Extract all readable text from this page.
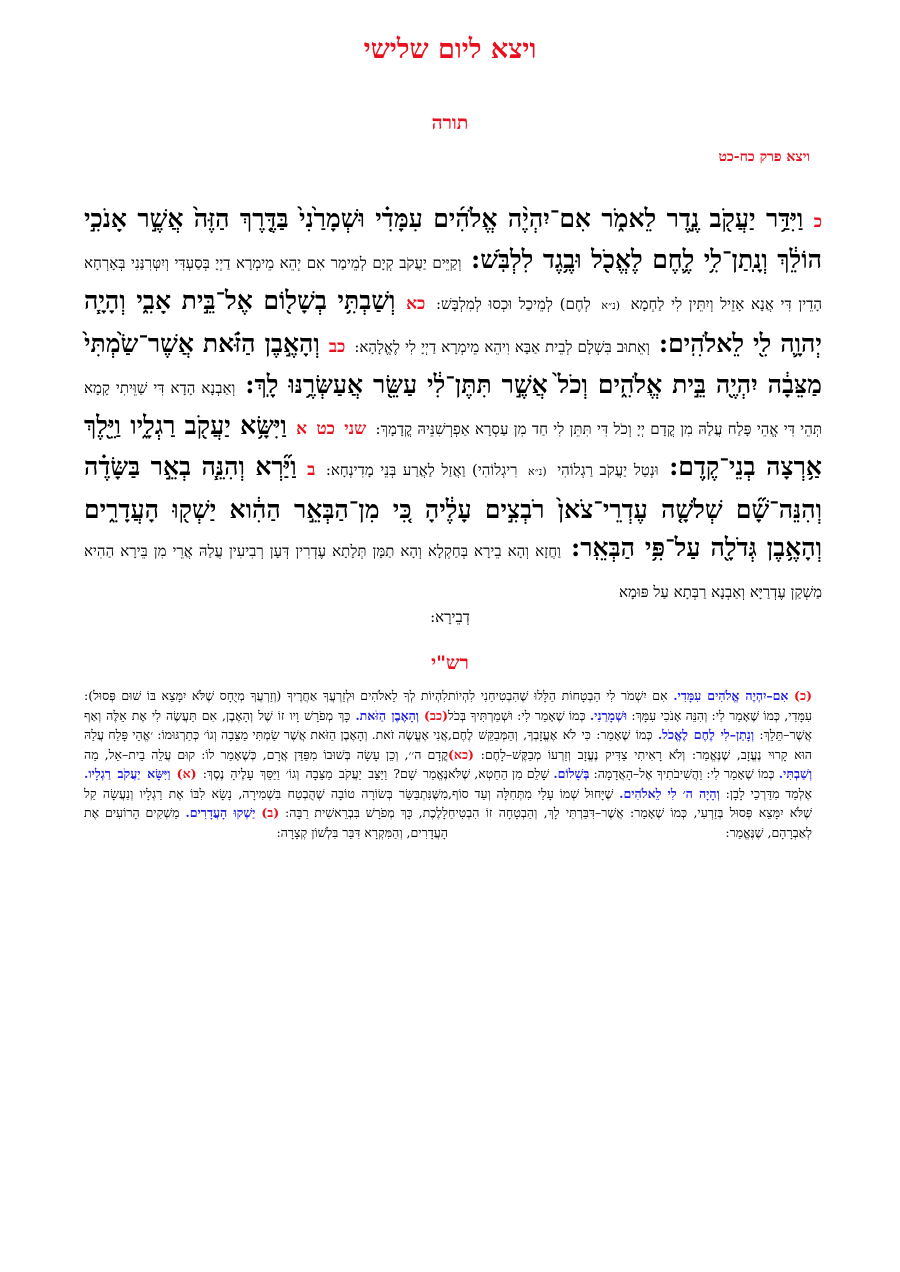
ויצא ליום שלישי
תורה
ויצא פרק כח-כט
כ וַיִּדַּ֥ר יַעֲקֹ֖ב נֶ֣דֶר לֵאמֹ֑ר אִם־יִהְיֶ֨ה אֱלֹהִ֜ים עִמָּדִ֗י וּשְׁמָרַ֙נִי֙ בַּדֶּ֤רֶךְ הַזֶּה֙ אֲשֶׁ֣ר אָנֹכִ֣י הוֹלֵ֔ךְ וְנָֽתַן־לִ֥י לֶ֛חֶם לֶאֱכֹ֖ל וּבֶ֥גֶד לִלְבֹּֽשׁ: וְקַיֵּים יַעֲקֹב קְיָם לְמֵימַר אִם יְהֵא מֵימְרָא דַיְיָ בְּסַעְדִּי וְיִטְּרִנַּנִי בְּאָרְחָא הָדֵין דִּי אֲנָא אָזֵיל וְיִתֵּין לִי לַחְמָא (נ״א לְחֶם) לְמֵיכַל וּכְסוּ לְמִלְבָּשׁ: כא וְשַׁבְתִּ֥י בְשָׁל֖וֹם אֶל־בֵּ֣ית אָבִ֑י וְהָיָ֧ה יְהוָ֛ה לִ֖י לֵאלֹהִֽים: וְאֵתוּב בִּשְׁלָם לְבֵית אַבָּא וִיהֵא מֵימְרָא דַיְיָ לִי לֶאֱלָהָא: כב וְהָאֶ֣בֶן הַזֹּ֗את אֲשֶׁר־שַׂ֙מְתִּי֙ מַצֵּבָ֔ה יִהְיֶ֖ה בֵּ֣ית אֱלֹהִ֑ים וְכֹל֙ אֲשֶׁ֣ר תִּתֶּן־לִ֔י עַשֵּׂ֖ר אֲעַשְּׂרֶ֥נּוּ לָֽךְ: וְאַבְנָא הָדָא דִּי שַׁוֵּיתִי קָמָא תְּהֵי דִּי אֱהֵי פָּלַח עֲלַהּ מִן קֳדָם יְיָ וְכֹל דִּי תִּתֵּן לִי חַד מִן עַסְרָא אַפְרְשִׁנֵּיהּ קֳדָמָךְ: שני כט א וַיִּשָּׂ֥א יַעֲקֹ֖ב רַגְלָ֑יו וַיֵּ֖לֶךְ אַ֥רְצָה בְנֵי־קֶֽדֶם: וּנְטַל יַעֲקֹב רַגְלוֹהִי (נ״א רִיגְלוֹהִי) וַאֲזַל לַאֲרַע בְּנֵי מָדִינְחָא: ב וַיַּ֞רְא וְהִנֵּ֧ה בְאֵ֣ר בַּשָּׂדֶ֗ה וְהִנֵּה־שָׁ֞ם שְׁלֹשָׁ֤ה עֶדְרֵי־צֹאן֙ רֹבְצִ֣ים עָלֶ֔יהָ כִּ֚י מִן־הַבְּאֵ֣ר הַהִ֔וא יַשְׁק֖וּ הָעֲדָרִ֑ים וְהָאֶ֥בֶן גְּדֹלָ֖ה עַל־פִּ֥י הַבְּאֵֽר: וַחֲזָא וְהָא בֵירָא בְּחַקְלָא וְהָא תַמָּן תְּלָתָא עֶדְרִין דְּעָן רְבִיעִין עֲלַהּ אֲרֵי מִן בֵּירָא הַהִיא מַשְׁקַן עֶדְרַיָּא וְאַבְנָא רַבְּתָא עַל פּוּמָא
דְבֵירָא:
רש"י
(כ) אִם–יִהְיֶה אֱלֹהִים עִמָּדִי. אִם יִשְׁמֹר לִי הַבְטָחוֹת הַלָּלוּ שֶׁהִבְטִיחַנִי לִהְיוֹת עִמָּדִי, כְּמוֹ שֶׁאָמַר לִי: וְהִנֵּה אָנֹכִי עִמָּךְ: וּשְׁמָרַנִי. כְּמוֹ שֶׁאָמַר לִי: וּשְׁמַרְתִּיךָ בְּכֹל אֲשֶׁר–תֵּלֵךְ: וְנָתַן–לִי לֶחֶם לֶאֱכֹל. כְּמוֹ שֶׁאָמַר: כִּי לֹא אֶעֱזָבְךָ, וְהַמְּבַקֵּשׁ לֶחֶם, הוּא קָרוּי נֶעֱזָב, שֶׁנֶּאֱמַר: וְלֹא רָאִיתִי צַדִּיק נֶעֱזָב וְזַרְעוֹ מְבַקֶּשׁ–לָחֶם: (כא) וְשַׁבְתִּי. כְּמוֹ שֶׁאָמַר לִי: וַהֲשִׁיבֹתִיךָ אֶל–הָאֲדָמָה: בְּשָׁלוֹם. שָׁלֵם מִן הַחֵטְא, שֶׁלֹּא אֶלְמַד מִדַּרְכֵי לָבָן: וְהָיָה ה׳ לִי לֵאלֹהִים. שֶׁיָּחוּל שְׁמוֹ עָלַי מִתְּחִלָּה וְעַד סוֹף, שֶׁלֹּא יִמָּצֵא פְּסוּל בְּזַרְעִי, כְּמוֹ שֶׁאָמַר: אֲשֶׁר–דִּבַּרְתִּי לָךְ, וְהַבְטָחָה זוֹ הִבְטִיחַ לְאַבְרָהָם, שֶׁנֶּאֱמַר:
לִהְיוֹת לְךָ לֵאלֹהִים וּלְזַרְעֲךָ אַחֲרֶיךָ (וְזַרְעֲךָ מְיֻחָס שֶׁלֹּא יִמָּצֵא בּוֹ שׁוּם פְּסוּל): (כב) וְהָאֶבֶן הַזֹּאת. כָּךְ מְפֹרָשׁ וָיו זוֹ שֶׁל וְהָאֶבֶן, אִם תַּעֲשֶׂה לִי אֶת אֵלֶּה וְאַף אֲנִי אֶעֱשֶׂה זֹאת. וְהָאֶבֶן הַזֹּאת אֲשֶׁר שַׂמְתִּי מַצֵּבָה וְגוֹ׳ כְּתַרְגּוּמוֹ: ׳אֱהֵי פָּלַח עֲלַהּ קֳדָם ה׳׳, וְכֵן עָשָׂה בְּשׁוּבוֹ מִפַּדַּן אֲרָם, כְּשֶׁאָמַר לוֹ: קוּם עֲלֵה בֵית–אֵל, מַה נֶּאֱמַר שָׁם? וַיַּצֵּב יַעֲקֹב מַצֵּבָה וְגוֹ׳ וַיַּסֵּךְ עָלֶיהָ נֶסֶךְ: (א) וַיִּשָּׂא יַעֲקֹב רַגְלָיו. מִשֶּׁנִּתְבַּשֵּׂר בְּשׂוֹרָה טוֹבָה שֶׁהֻבְטַח בִּשְׁמִירָה, נָשָׂא לִבּוֹ אֶת רַגְלָיו וְנַעֲשָׂה קַל לָלֶכֶת, כָּךְ מְפֹרָשׁ בִּבְרֵאשִׁית רַבָּה: (ב) יַשְׁקוּ הָעֲדָרִים. מַשְׁקִים הָרוֹעִים אֶת הָעֲדָרִים, וְהַמִּקְרָא דִּבֵּר בִּלְשׁוֹן קְצָרָה:
